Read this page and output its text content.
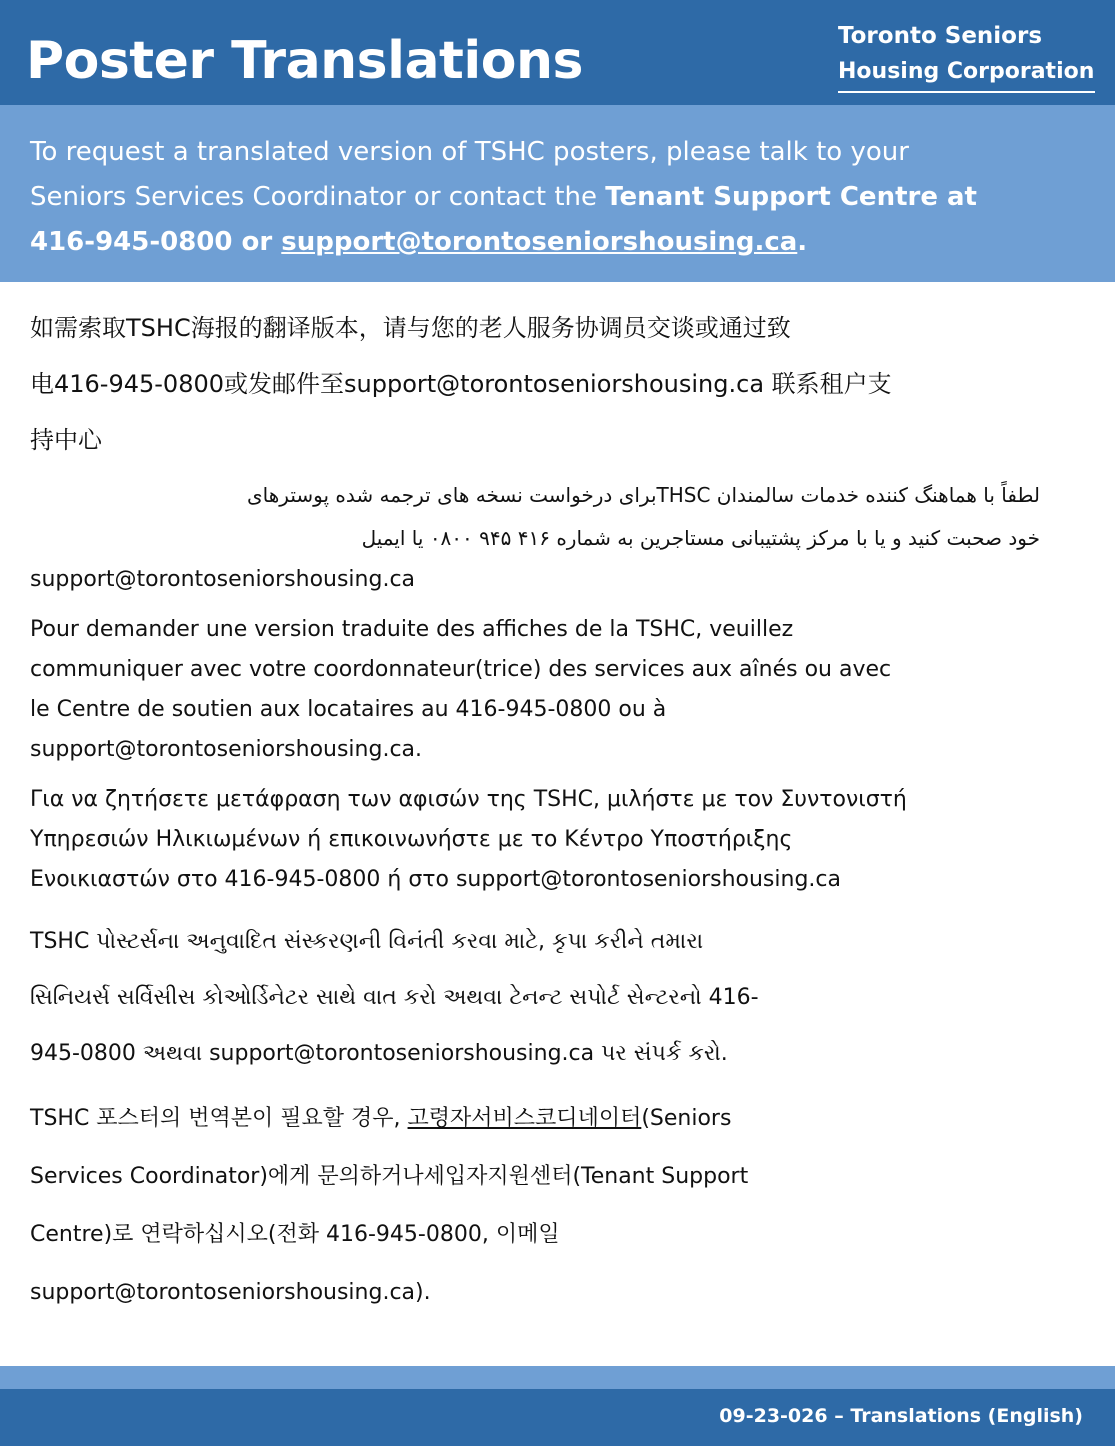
Poster Translations	Toronto Seniors
Housing Corporation
To request a translated version of TSHC posters, please talk to your
Seniors Services Coordinator or contact the Tenant Support Centre at
416-945-0800 or support@torontoseniorshousing.ca.
如需索取TSHC海报的翻译版本，请与您的老人服务协调员交谈或通过致
电416-945-0800或发邮件至support@torontoseniorshousing.ca 联系租户支
持中心
لطفاً با هماهنگ کننده خدمات سالمندان THSCبرای درخواست نسخه های ترجمه شده پوسترهای
خود صحبت کنید و یا با مرکز پشتیبانی مستاجرین به شماره ۴۱۶ ۹۴۵ ۰۸۰۰ یا ایمیل
support@torontoseniorshousing.ca
Pour demander une version traduite des affiches de la TSHC, veuillez
communiquer avec votre coordonnateur(trice) des services aux aînés ou avec
le Centre de soutien aux locataires au 416-945-0800 ou à
support@torontoseniorshousing.ca.
Για να ζητήσετε μετάφραση των αφισών της TSHC, μιλήστε με τον Συντονιστή
Υπηρεσιών Ηλικιωμένων ή επικοινωνήστε με το Κέντρο Υποστήριξης
Ενοικιαστών στο 416-945-0800 ή στο support@torontoseniorshousing.ca
TSHC પોસ્ટર્સના અનુવાદિત સંસ્કરણની વિનંતી કરવા માટે, કૃપા કરીને તમારા
સિનિયર્સ સર્વિસીસ કોઓર્ડિનેટર સાથે વાત કરો અથવા ટેનન્ટ સપોર્ટ સેન્ટરનો 416-
945-0800 અથવા support@torontoseniorshousing.ca પર સંપર્ક કરો.
TSHC 포스터의 번역본이 필요할 경우, 고령자서비스코디네이터(Seniors
Services Coordinator)에게 문의하거나세입자지원센터(Tenant Support
Centre)로 연락하십시오(전화 416-945-0800, 이메일
support@torontoseniorshousing.ca).
09-23-026 – Translations (English)
